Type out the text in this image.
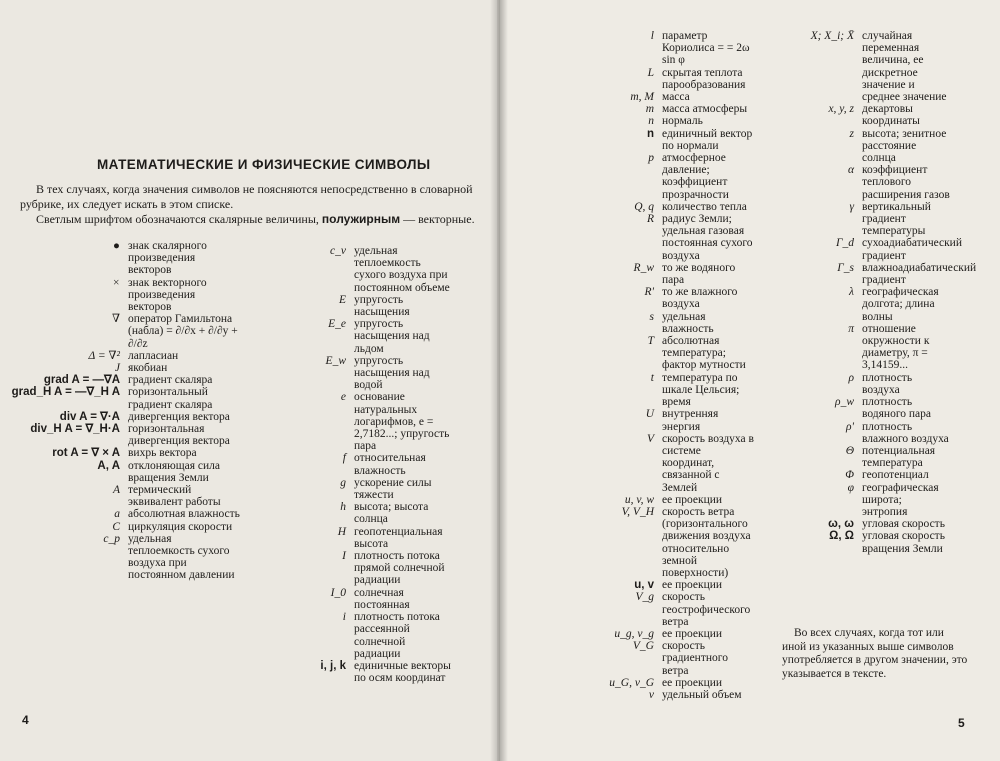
МАТЕМАТИЧЕСКИЕ И ФИЗИЧЕСКИЕ СИМВОЛЫ

В тех случаях, когда значения символов не поясняются непосредственно в словарной рубрике, их следует искать в этом списке.

Светлым шрифтом обозначаются скалярные величины, полужирным — векторные.

● знак скалярного произведения векторов
× знак векторного произведения векторов
∇ оператор Гамильтона (набла) = ∂/∂x + ∂/∂y + ∂/∂z
Δ = ∇² лапласиан
J якобиан
grad A = —∇A градиент скаляра
grad_H A = —∇_H A горизонтальный градиент скаляра
div A = ∇·A дивергенция вектора
div_H A = ∇_H·A горизонтальная дивергенция вектора
rot A = ∇ × A вихрь вектора
A, A отклоняющая сила вращения Земли
A термический эквивалент работы
a абсолютная влажность
C циркуляция скорости
c_p удельная теплоемкость сухого воздуха при постоянном давлении
c_v удельная теплоемкость сухого воздуха при постоянном объеме
E упругость насыщения
E_e упругость насыщения над льдом
E_w упругость насыщения над водой
e основание натуральных логарифмов, e = 2,7182...; упругость пара
f относительная влажность
g ускорение силы тяжести
h высота; высота солнца
H геопотенциальная высота
I плотность потока прямой солнечной радиации
I_0 солнечная постоянная
i плотность потока рассеянной солнечной радиации
i, j, k единичные векторы по осям координат
4
l параметр Кориолиса = = 2ω sin φ
L скрытая теплота парообразования
m, M масса
m масса атмосферы
n нормаль
n единичный вектор по нормали
p атмосферное давление; коэффициент прозрачности
Q, q количество тепла
R радиус Земли; удельная газовая постоянная сухого воздуха
R_w то же водяного пара
R' то же влажного воздуха
s удельная влажность
T абсолютная температура; фактор мутности
t температура по шкале Цельсия; время
U внутренняя энергия
V скорость воздуха в системе координат, связанной с Землей
u, v, w ее проекции
V, V_H скорость ветра (горизонтального движения воздуха относительно земной поверхности)
u, v ее проекции
V_g скорость геострофического ветра
u_g, v_g ее проекции
V_G скорость градиентного ветра
u_G, v_G ее проекции
v удельный объем
X; X_i; X̄ случайная переменная величина, ее дискретное значение и среднее значение
x, y, z декартовы координаты
z высота; зенитное расстояние солнца
α коэффициент теплового расширения газов
γ вертикальный градиент температуры
Γ_d сухоадиабатический градиент
Γ_s влажноадиабатический градиент
λ географическая долгота; длина волны
π отношение окружности к диаметру, π = 3,14159...
ρ плотность воздуха
ρ_w плотность водяного пара
ρ' плотность влажного воздуха
Θ потенциальная температура
Φ геопотенциал
φ географическая широта; энтропия
ω, ω угловая скорость
Ω, Ω угловая скорость вращения Земли
5
Во всех случаях, когда тот или иной из указанных выше символов употребляется в другом значении, это указывается в тексте.
